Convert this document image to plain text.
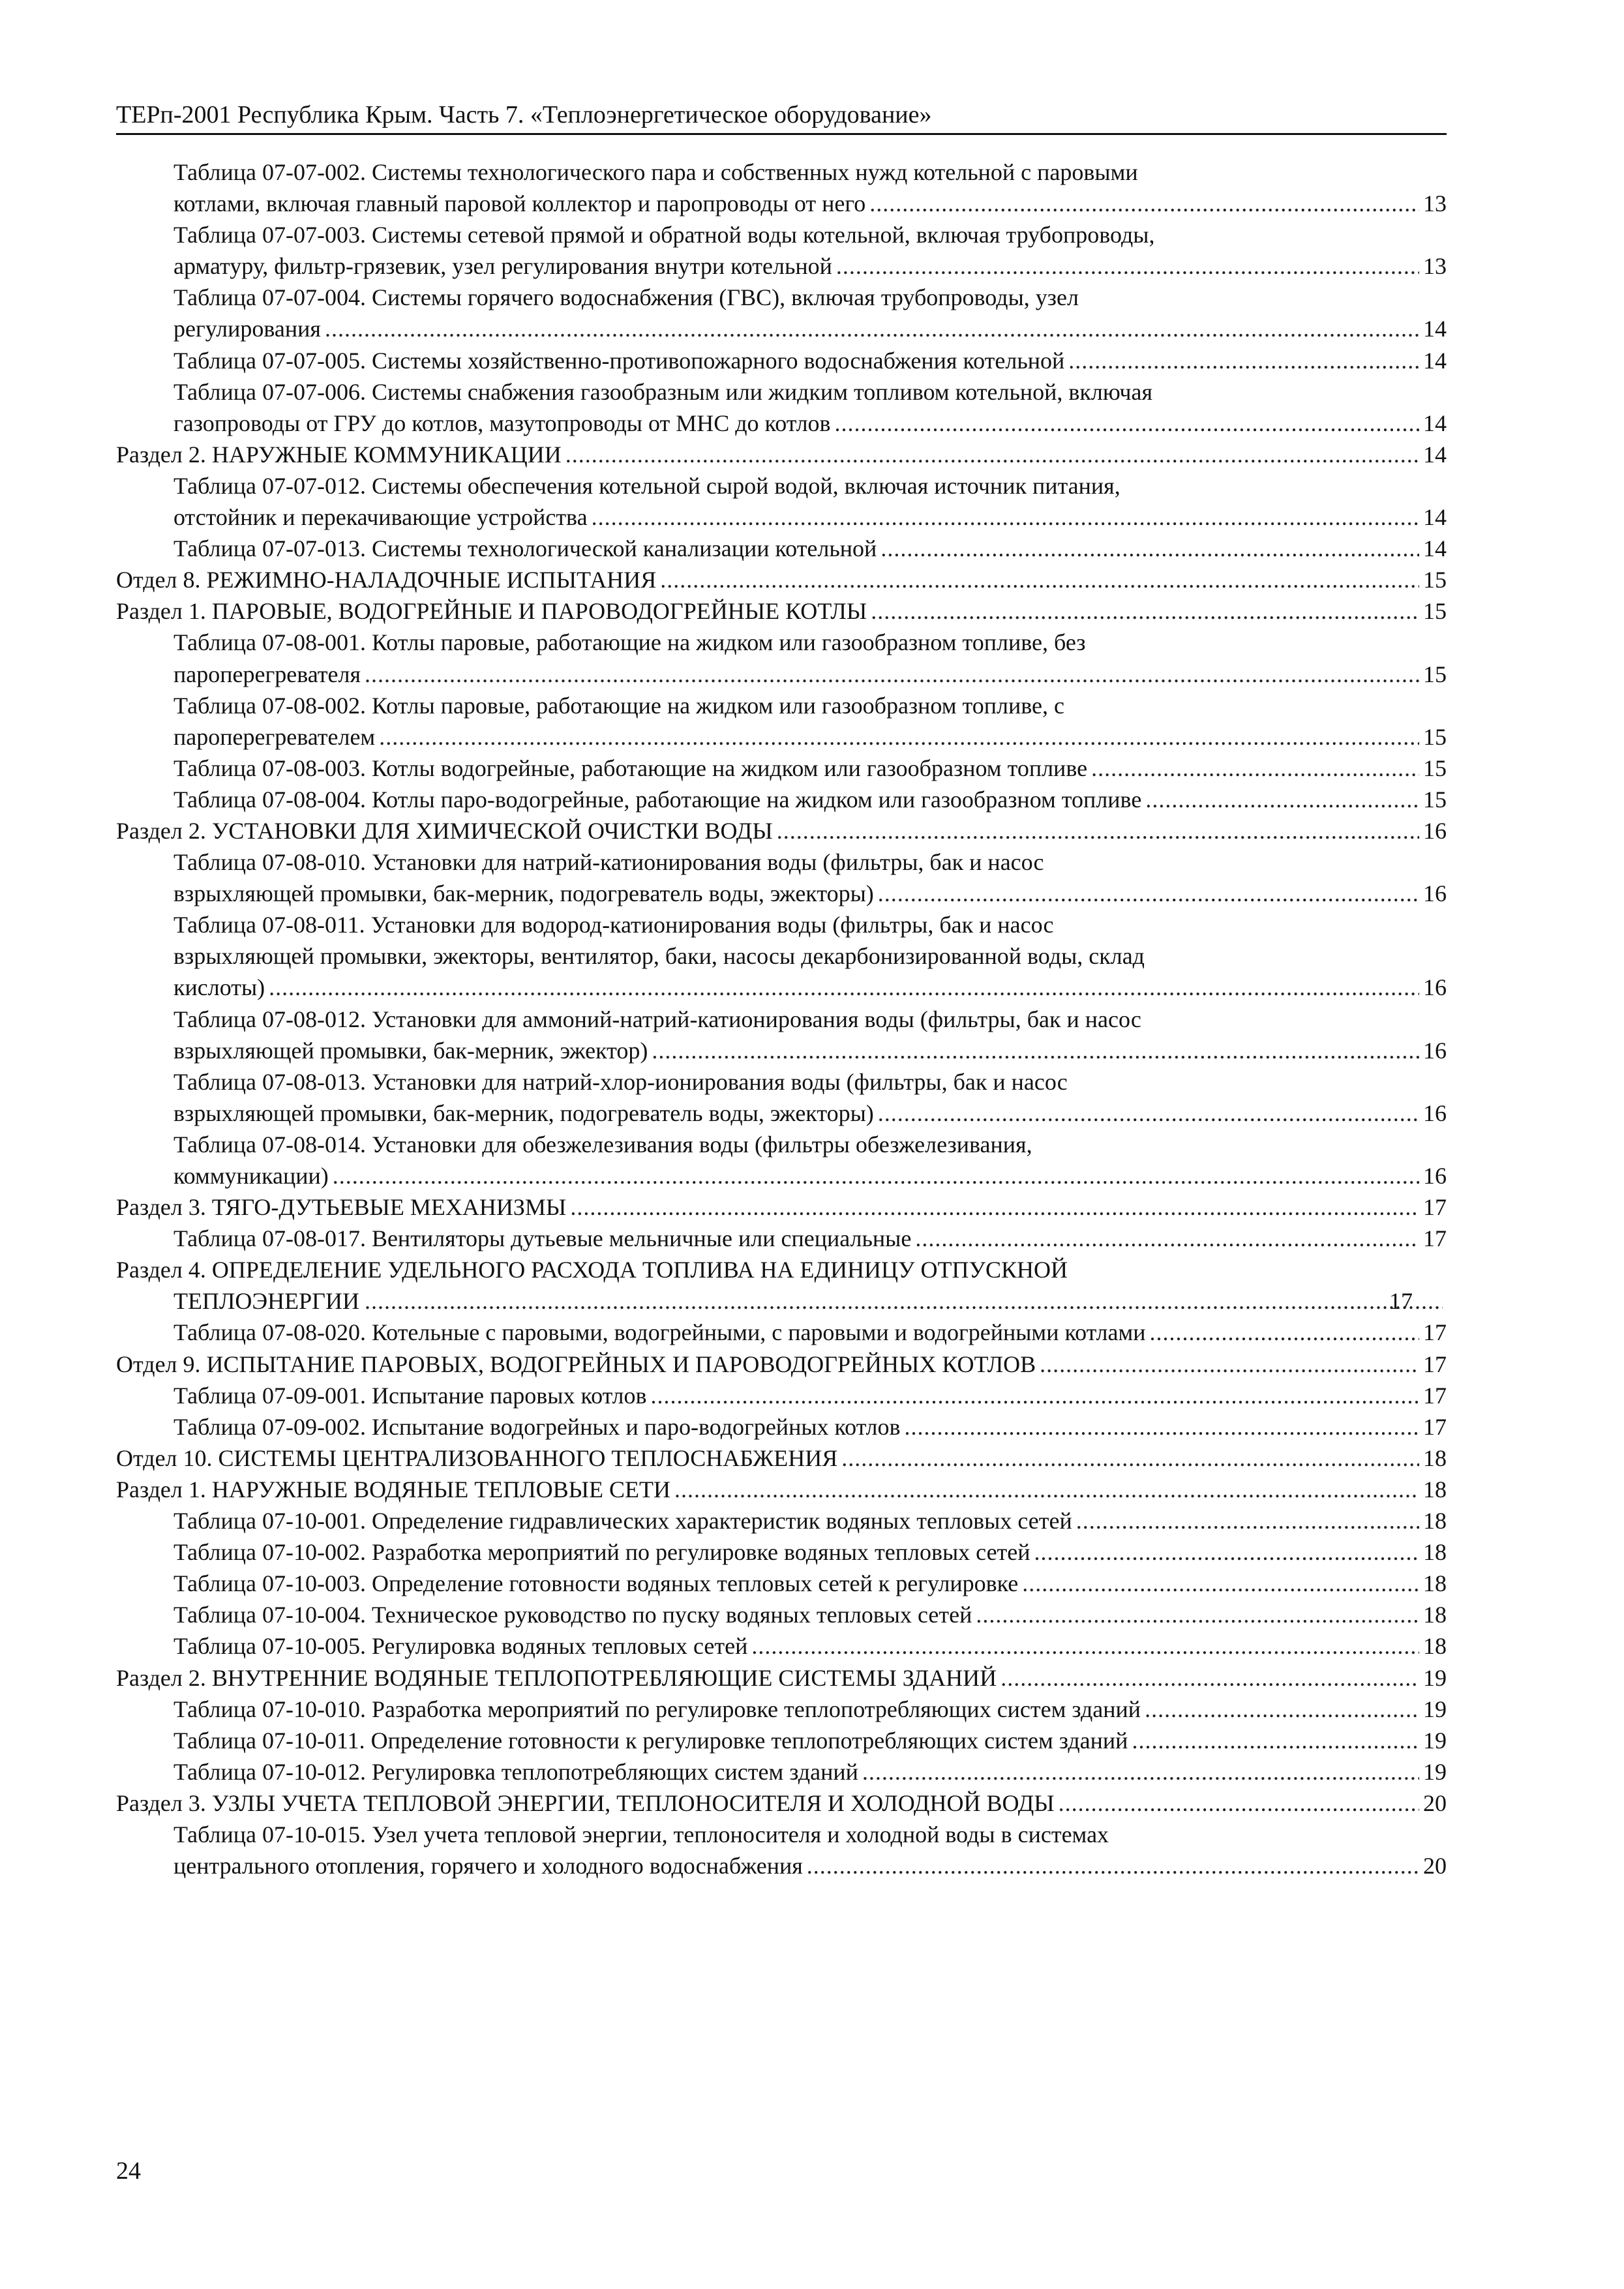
ТЕРп-2001 Республика Крым. Часть 7. «Теплоэнергетическое оборудование»
Таблица 07-07-002. Системы технологического пара и собственных нужд котельной с паровыми
котлами, включая главный паровой коллектор и паропроводы от него .....	13
Таблица 07-07-003. Системы сетевой прямой и обратной воды котельной, включая трубопроводы,
арматуру, фильтр-грязевик, узел регулирования внутри котельной .....	13
Таблица 07-07-004. Системы горячего водоснабжения (ГВС), включая трубопроводы, узел
регулирования .....	14
Таблица 07-07-005. Системы хозяйственно-противопожарного водоснабжения котельной .....	14
Таблица 07-07-006. Системы снабжения газообразным или жидким топливом котельной, включая
газопроводы от ГРУ до котлов, мазутопроводы от МНС до котлов .....	14
Раздел 2. НАРУЖНЫЕ КОММУНИКАЦИИ .....	14
Таблица 07-07-012. Системы обеспечения котельной сырой водой, включая источник питания,
отстойник и перекачивающие устройства .....	14
Таблица 07-07-013. Системы технологической канализации котельной .....	14
Отдел 8. РЕЖИМНО-НАЛАДОЧНЫЕ ИСПЫТАНИЯ .....	15
Раздел 1. ПАРОВЫЕ, ВОДОГРЕЙНЫЕ И ПАРОВОДОГРЕЙНЫЕ КОТЛЫ .....	15
Таблица 07-08-001. Котлы паровые, работающие на жидком или газообразном топливе, без
пароперегревателя .....	15
Таблица 07-08-002. Котлы паровые, работающие на жидком или газообразном топливе, с
пароперегревателем .....	15
Таблица 07-08-003. Котлы водогрейные, работающие на жидком или газообразном топливе .....	15
Таблица 07-08-004. Котлы паро-водогрейные, работающие на жидком или газообразном топливе .....	15
Раздел 2. УСТАНОВКИ ДЛЯ ХИМИЧЕСКОЙ ОЧИСТКИ ВОДЫ .....	16
Таблица 07-08-010. Установки для натрий-катионирования воды (фильтры, бак и насос
взрыхляющей промывки, бак-мерник, подогреватель воды, эжекторы) .....	16
Таблица 07-08-011. Установки для водород-катионирования воды (фильтры, бак и насос
взрыхляющей промывки, эжекторы, вентилятор, баки, насосы декарбонизированной воды, склад
кислоты) .....	16
Таблица 07-08-012. Установки для аммоний-натрий-катионирования воды (фильтры, бак и насос
взрыхляющей промывки, бак-мерник, эжектор) .....	16
Таблица 07-08-013. Установки для натрий-хлор-ионирования воды (фильтры, бак и насос
взрыхляющей промывки, бак-мерник, подогреватель воды, эжекторы) .....	16
Таблица 07-08-014. Установки для обезжелезивания воды (фильтры обезжелезивания,
коммуникации) .....	16
Раздел 3. ТЯГО-ДУТЬЕВЫЕ МЕХАНИЗМЫ .....	17
Таблица 07-08-017. Вентиляторы дутьевые мельничные или специальные .....	17
Раздел 4. ОПРЕДЕЛЕНИЕ УДЕЛЬНОГО РАСХОДА ТОПЛИВА НА ЕДИНИЦУ ОТПУСКНОЙ
ТЕПЛОЭНЕРГИИ .....	17
Таблица 07-08-020. Котельные с паровыми, водогрейными, с паровыми и водогрейными котлами .....	17
Отдел 9. ИСПЫТАНИЕ ПАРОВЫХ, ВОДОГРЕЙНЫХ И ПАРОВОДОГРЕЙНЫХ КОТЛОВ .....	17
Таблица 07-09-001. Испытание паровых котлов .....	17
Таблица 07-09-002. Испытание водогрейных и паро-водогрейных котлов .....	17
Отдел 10. СИСТЕМЫ ЦЕНТРАЛИЗОВАННОГО ТЕПЛОСНАБЖЕНИЯ .....	18
Раздел 1. НАРУЖНЫЕ ВОДЯНЫЕ ТЕПЛОВЫЕ СЕТИ .....	18
Таблица 07-10-001. Определение гидравлических характеристик водяных тепловых сетей .....	18
Таблица 07-10-002. Разработка мероприятий по регулировке водяных тепловых сетей .....	18
Таблица 07-10-003. Определение готовности водяных тепловых сетей к регулировке .....	18
Таблица 07-10-004. Техническое руководство по пуску водяных тепловых сетей .....	18
Таблица 07-10-005. Регулировка водяных тепловых сетей .....	18
Раздел 2. ВНУТРЕННИЕ ВОДЯНЫЕ ТЕПЛОПОТРЕБЛЯЮЩИЕ СИСТЕМЫ ЗДАНИЙ .....	19
Таблица 07-10-010. Разработка мероприятий по регулировке теплопотребляющих систем зданий .....	19
Таблица 07-10-011. Определение готовности к регулировке теплопотребляющих систем зданий .....	19
Таблица 07-10-012. Регулировка теплопотребляющих систем зданий .....	19
Раздел 3. УЗЛЫ УЧЕТА ТЕПЛОВОЙ ЭНЕРГИИ, ТЕПЛОНОСИТЕЛЯ И ХОЛОДНОЙ ВОДЫ .....	20
Таблица 07-10-015. Узел учета тепловой энергии, теплоносителя и холодной воды в системах
центрального отопления, горячего и холодного водоснабжения .....	20
24
